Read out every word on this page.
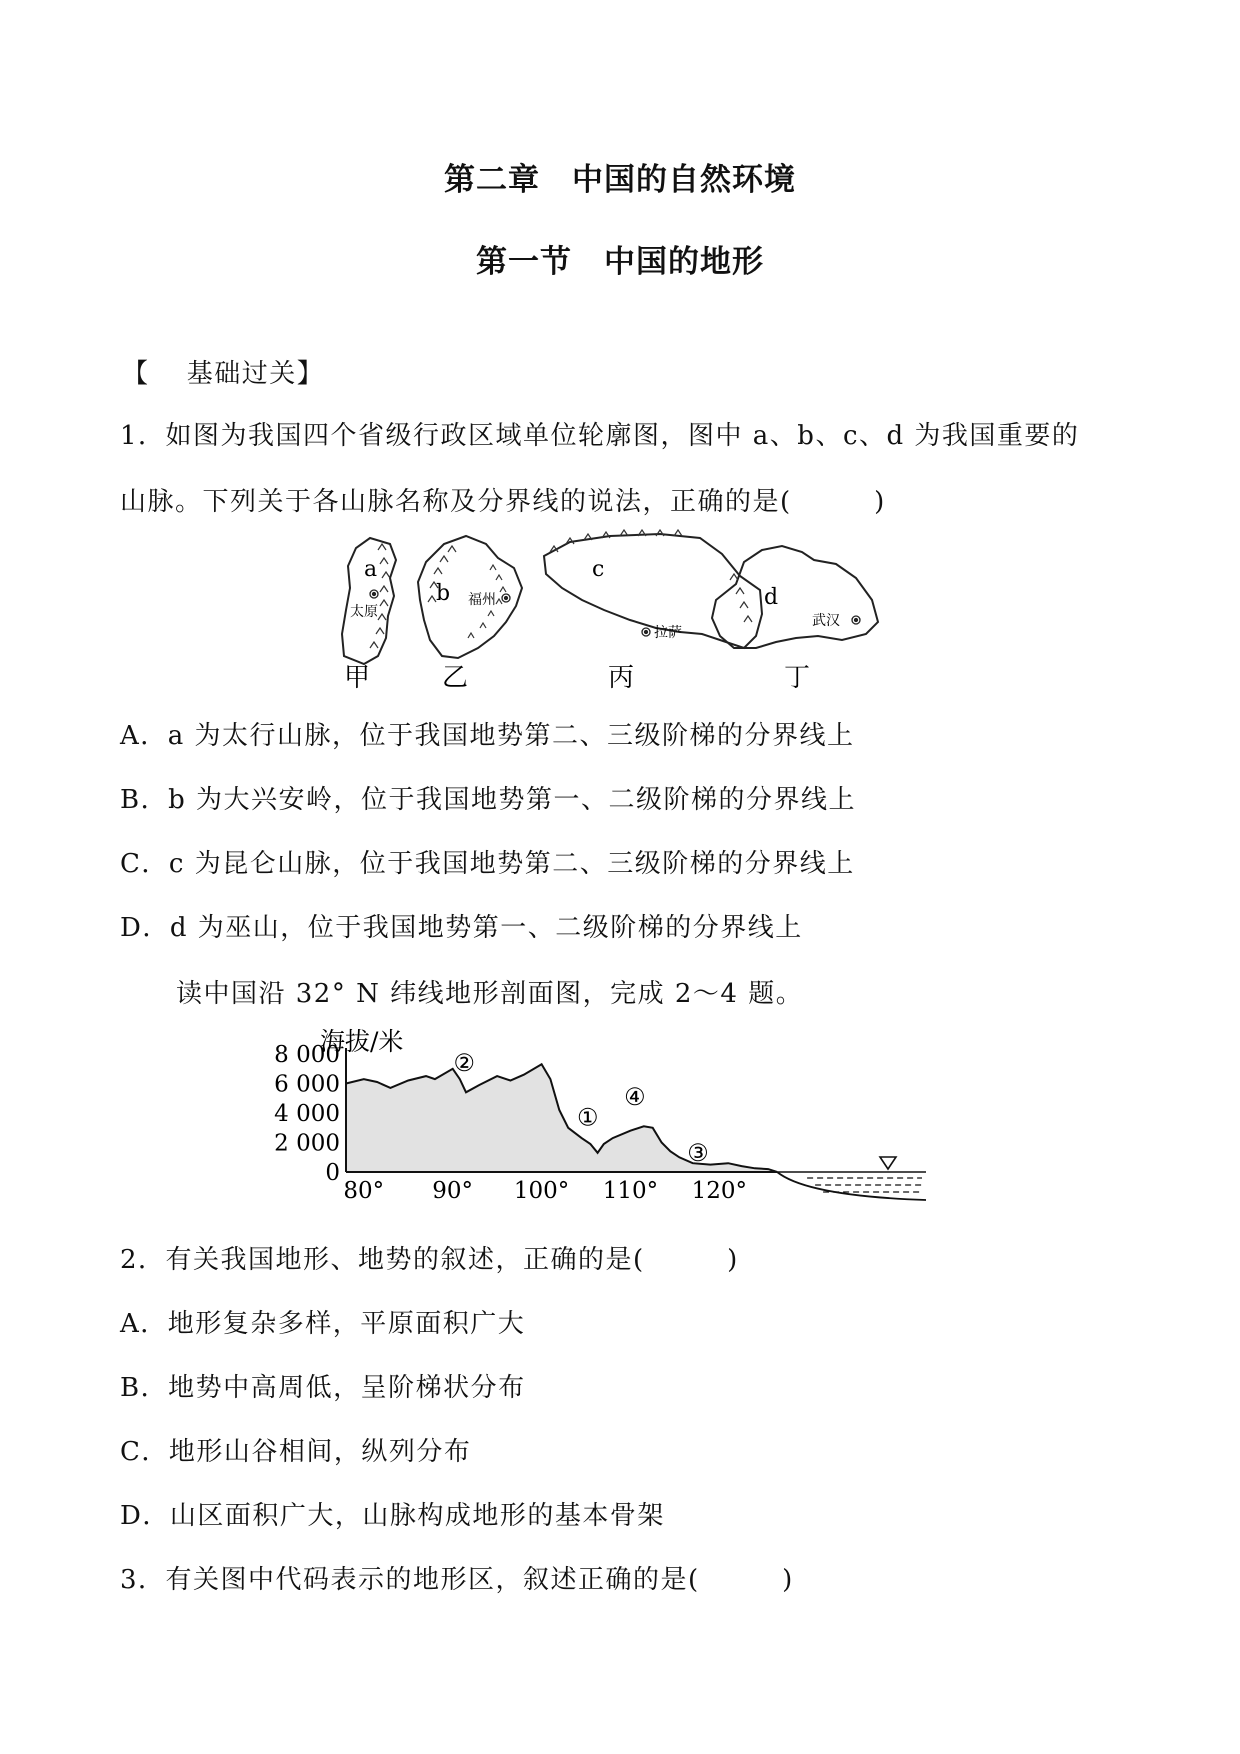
第二章　中国的自然环境
第一节　中国的地形
【　 基础过关】
1．如图为我国四个省级行政区域单位轮廓图，图中 a、b、c、d 为我国重要的
山脉。下列关于各山脉名称及分界线的说法，正确的是(　　　)
a
b
c
d
太原
福州
拉萨
武汉
甲	乙	丙	丁
A．a 为太行山脉，位于我国地势第二、三级阶梯的分界线上
B．b 为大兴安岭，位于我国地势第一、二级阶梯的分界线上
C．c 为昆仑山脉，位于我国地势第二、三级阶梯的分界线上
D．d 为巫山，位于我国地势第一、二级阶梯的分界线上
读中国沿 32° N 纬线地形剖面图，完成 2～4 题。
海拔/米
8 000
6 000
4 000
2 000
0
80° 90° 100° 110° 120°
②
①
④
③
2．有关我国地形、地势的叙述，正确的是(　　　)
A．地形复杂多样，平原面积广大
B．地势中高周低，呈阶梯状分布
C．地形山谷相间，纵列分布
D．山区面积广大，山脉构成地形的基本骨架
3．有关图中代码表示的地形区，叙述正确的是(　　　)
